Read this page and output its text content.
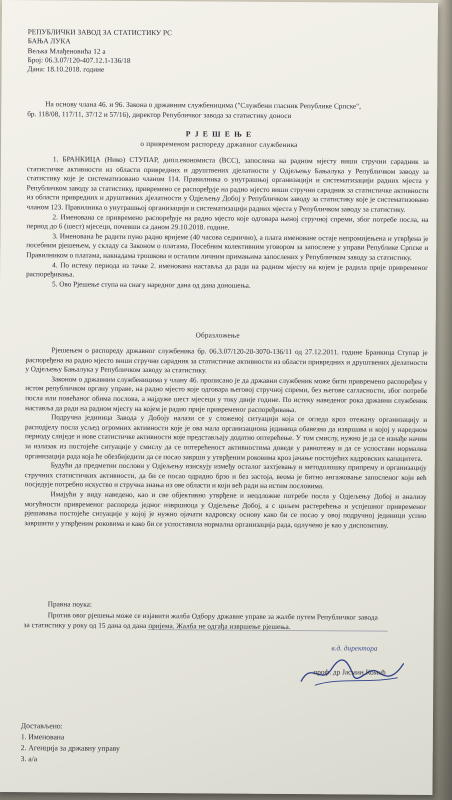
РЕПУБЛИЧКИ ЗАВОД ЗА СТАТИСТИКУ РС
БАЊА ЛУКА
Вељка Млађеновића 12 а
Број: 06.3.07/120-407.12.1-136/18
Дана: 18.10.2018. године
На основу члана 46. и 96. Закона о државним службеницима ("Службени гласник Републике Српске",
бр. 118/08, 117/11, 37/12 и 57/16), директор Републичког завода за статистику доноси
Р Ј Е Ш Е Њ Е
о привременом распореду државног службеника

1. БРАНКИЦА (Нико) СТУПАР, дипл.економиста (ВСС), запослена на радном мјесту виши стручни сарадник за статистичке активности из области привредних и друштвених дјелатности у Одјељењу Бањалука у Републичком заводу за статистику које је систематизовано чланом 114. Правилника о унутрашњој организацији и систематизацији радних мјеста у Републичком заводу за статистику, привремено се распоређује на радно мјесто виши стручни сарадник за статистичке активности из области привредних и друштвених дјелатности у Одјељењу Добој у Републичком заводу за статистику које је систематизовано чланом 123. Правилника о унутрашњој организацији и систематизацији радних мјеста у Републичком заводу за статистику.

2. Именована се привремено распоређује на радно мјесто које одговара њеној стручној спреми, због потребе посла, на период до 6 (шест) мјесеци, почевши са даном 29.10.2018. године.

3. Именована ће радити пуно радно вријеме (40 часова седмично), а плата именоване остаје непромијењена и утврђена је посебним рјешењем, у складу са Законом о платама, Посебним колективним уговором за запослене у управи Републике Српске и Правилником о платама, накнадама трошкова и осталим личним примањима запослених у Републичком заводу за статистику.

4. По истеку периода из тачке 2. именована наставља да ради на радном мјесту на којем је радила прије привременог распоређивања.

5. Ово Рјешење ступа на снагу наредног дана од дана доношења.

Образложење

Рјешењем о распореду државног службеника бр. 06.3.07/120-20-3070-136/11 од 27.12.2011. године Бранкица Ступар је распоређена на радно мјесто виши стручни сарадник за статистичке активности из области привредних и друштвених дјелатности у Одјељењу Бањалука у Републичком заводу за статистику.

Законом о државним службеницима у члану 46. прописано је да државни службеник може бити привремено распоређен у истом републичком органу управе, на радно мјесто које одговара његовој стручној спреми, без његове сагласности, због потребе посла или повећаног обима послова, а најдуже шест мјесеци у току двије године. По истеку наведеног рока државни службеник наставља да ради на радном мјесту на којем је радио прије привременог распоређивања.

Подручна јединица Завода у Добоју налази се у сложеној ситуацији која се огледа кроз отежану организацију и расподјелу посла усљед огромних активности које је ова мала организациона јединица обавезна да извршава и којој у наредном периоду слиједе и нове статистичке активности које представљају додатно оптерећење. У том смислу, нужно је да се изнађе начин за излазак из постојеће ситуације у смислу да се оптерећеност активностима доведе у равнотежу и да се успостави нормална организација рада која ће обезбиједити да се посао заврши у утврђеним роковима кроз јачање постојећих кадровских капацитета.

Будући да предметни послови у Одјељењу изискују између осталог захтјевању и методолошку припрему и организацију стручних статистичких активности, да би се посао одрадио брзо и без застоја, веома је битно ангажовање запосленог који већ посједује потребно искуство и стручна знања из ове области и који већ ради на истим пословима.

Имајући у виду наведено, као и све објективно утврђене и неодложне потребе посла у Одјељењу Добој и анализу могућности привременог распореда једног извршиоца у Одјељење Добој, а с циљем растерећења и успјешног привременог рјешавања постојеће ситуације у којој је нужно ојачати кадровску основу како би се посао у овој подручној јединици успио завршити у утврђеним роковима и како би се успоставила нормална организација рада, одлучено је као у диспозитиву.

Правна поука:
Против овог рјешења може се изјавити жалба Одбору државне управе за жалбе путем Републичког завода
за статистику у року од 15 дана од дана пријема. Жалба не одгађа извршење рјешења.
в.д. директора
проф. др Јасмин Комић
Достављено:
1. Именована
2. Агенција за државну управу
3. а/а
